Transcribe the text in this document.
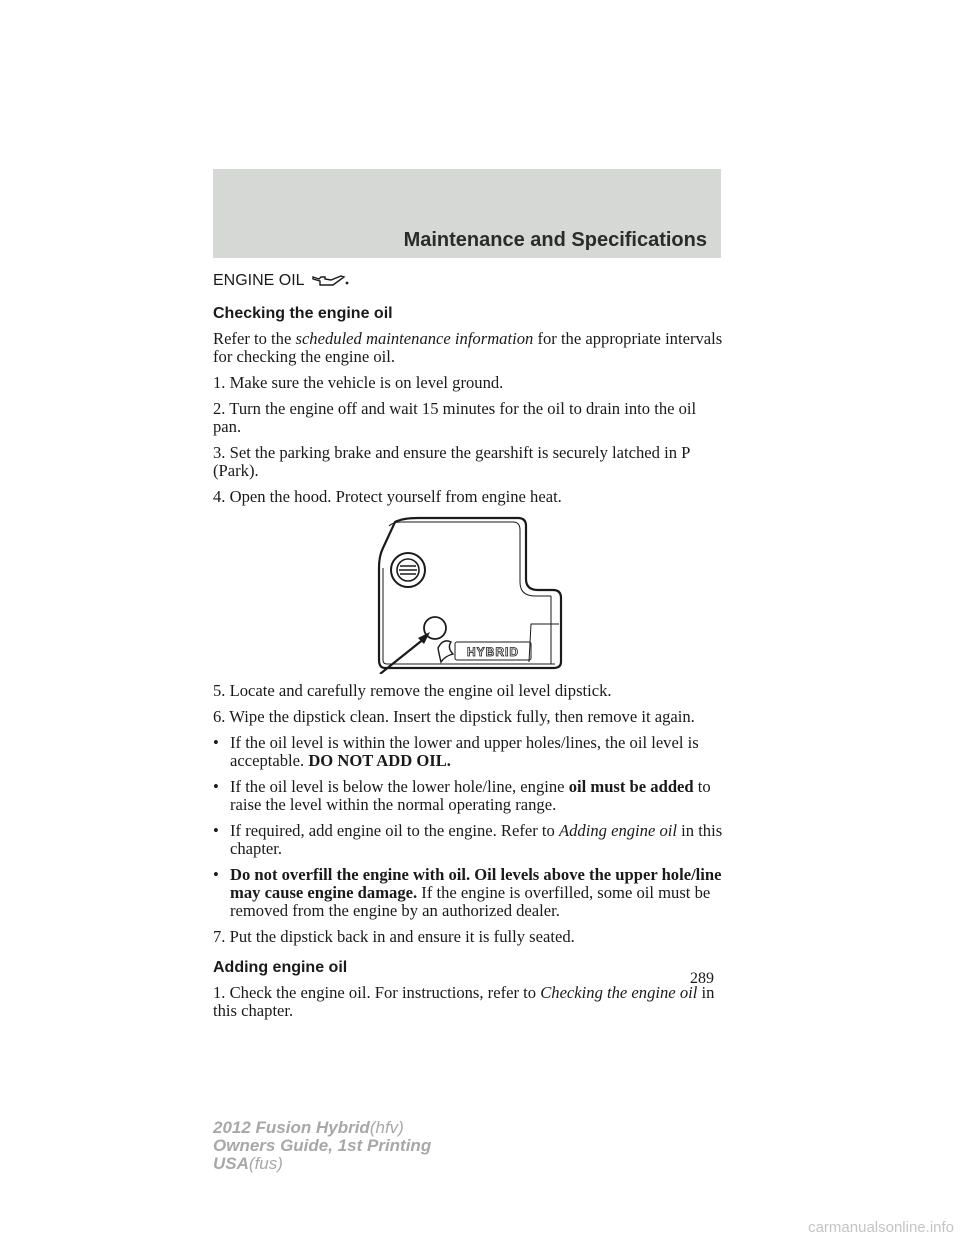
Maintenance and Specifications
ENGINE OIL
Checking the engine oil

Refer to the scheduled maintenance information for the appropriate intervals for checking the engine oil.

1. Make sure the vehicle is on level ground.

2. Turn the engine off and wait 15 minutes for the oil to drain into the oil pan.

3. Set the parking brake and ensure the gearshift is securely latched in P (Park).

4. Open the hood. Protect yourself from engine heat.

HYBRID

5. Locate and carefully remove the engine oil level dipstick.

6. Wipe the dipstick clean. Insert the dipstick fully, then remove it again.

• If the oil level is within the lower and upper holes/lines, the oil level is acceptable. DO NOT ADD OIL.
• If the oil level is below the lower hole/line, engine oil must be added to raise the level within the normal operating range.
• If required, add engine oil to the engine. Refer to Adding engine oil in this chapter.
• Do not overfill the engine with oil. Oil levels above the upper hole/line may cause engine damage. If the engine is overfilled, some oil must be removed from the engine by an authorized dealer.

7. Put the dipstick back in and ensure it is fully seated.

Adding engine oil

1. Check the engine oil. For instructions, refer to Checking the engine oil in this chapter.

289
2012 Fusion Hybrid(hfv)
Owners Guide, 1st Printing
USA(fus)
carmanualsonline.info
